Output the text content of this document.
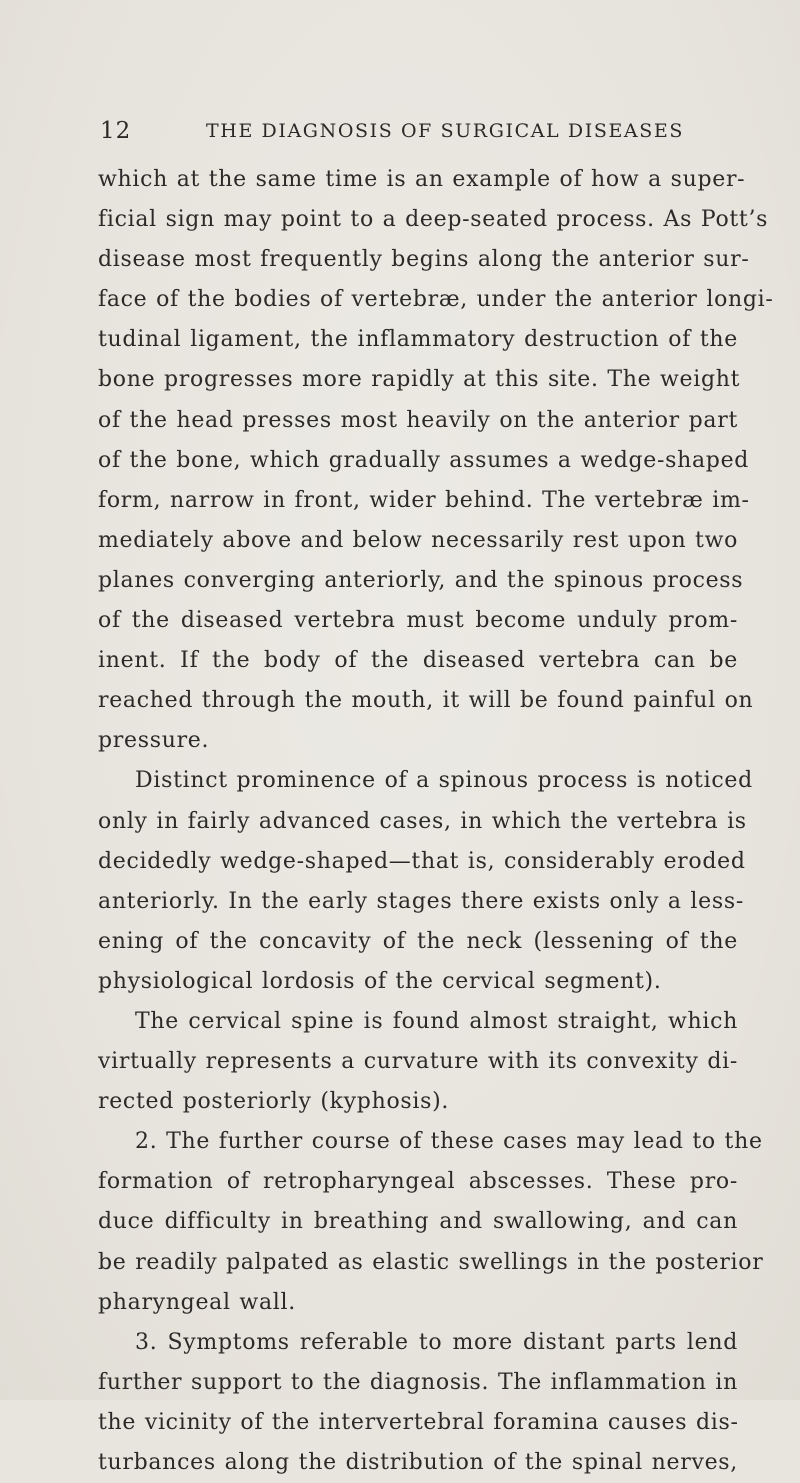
12	THE DIAGNOSIS OF SURGICAL DISEASES
which at the same time is an example of how a super-
ficial sign may point to a deep-seated process. As Pott’s
disease most frequently begins along the anterior sur-
face of the bodies of vertebræ, under the anterior longi-
tudinal ligament, the inflammatory destruction of the
bone progresses more rapidly at this site. The weight
of the head presses most heavily on the anterior part
of the bone, which gradually assumes a wedge-shaped
form, narrow in front, wider behind. The vertebræ im-
mediately above and below necessarily rest upon two
planes converging anteriorly, and the spinous process
of the diseased vertebra must become unduly prom-
inent. If the body of the diseased vertebra can be
reached through the mouth, it will be found painful on
pressure.
Distinct prominence of a spinous process is noticed
only in fairly advanced cases, in which the vertebra is
decidedly wedge-shaped—that is, considerably eroded
anteriorly. In the early stages there exists only a less-
ening of the concavity of the neck (lessening of the
physiological lordosis of the cervical segment).
The cervical spine is found almost straight, which
virtually represents a curvature with its convexity di-
rected posteriorly (kyphosis).
2. The further course of these cases may lead to the
formation of retropharyngeal abscesses. These pro-
duce difficulty in breathing and swallowing, and can
be readily palpated as elastic swellings in the posterior
pharyngeal wall.
3. Symptoms referable to more distant parts lend
further support to the diagnosis. The inflammation in
the vicinity of the intervertebral foramina causes dis-
turbances along the distribution of the spinal nerves,
